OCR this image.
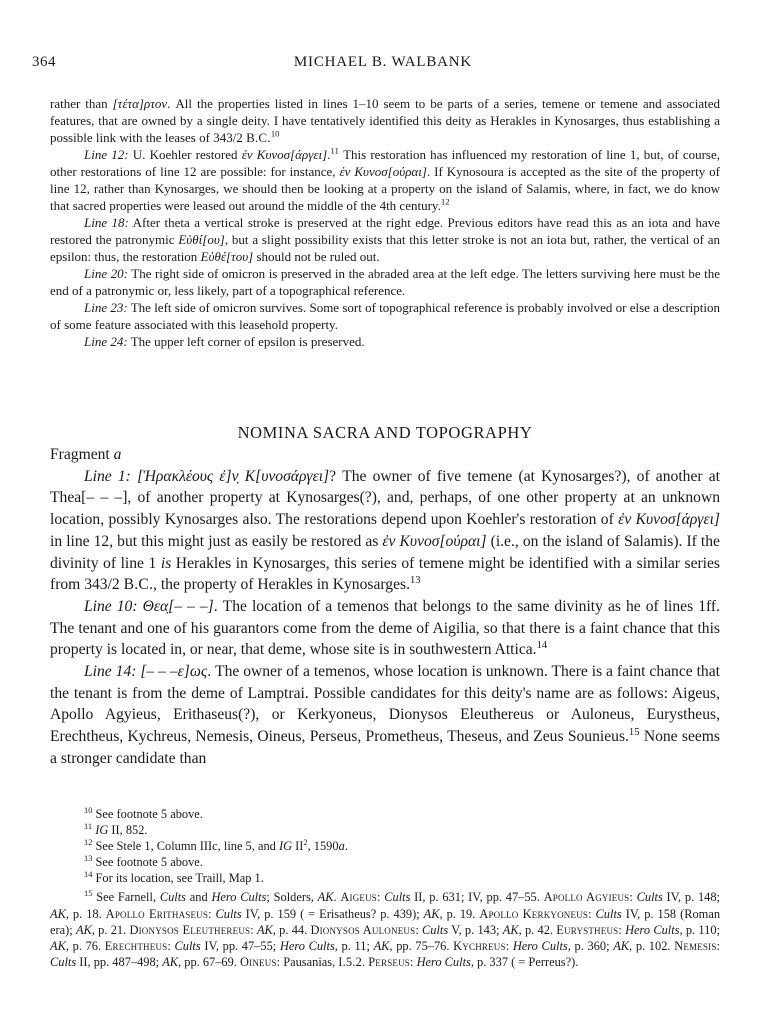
364	MICHAEL B. WALBANK

rather than [τέτα]ρτον. All the properties listed in lines 1–10 seem to be parts of a series, temene or temene and associated features, that are owned by a single deity. I have tentatively identified this deity as Herakles in Kynosarges, thus establishing a possible link with the leases of 343/2 B.C.$^{10}$

Line 12: U. Koehler restored ἐν Κυνοσ[άργει].$^{11}$ This restoration has influenced my restoration of line 1, but, of course, other restorations of line 12 are possible: for instance, ἐν Κυνοσ[ούραι]. If Kynosoura is accepted as the site of the property of line 12, rather than Kynosarges, we should then be looking at a property on the island of Salamis, where, in fact, we do know that sacred properties were leased out around the middle of the 4th century.$^{12}$

Line 18: After theta a vertical stroke is preserved at the right edge. Previous editors have read this as an iota and have restored the patronymic Εὐθί[ου], but a slight possibility exists that this letter stroke is not an iota but, rather, the vertical of an epsilon: thus, the restoration Εὐθέ[του] should not be ruled out.

Line 20: The right side of omicron is preserved in the abraded area at the left edge. The letters surviving here must be the end of a patronymic or, less likely, part of a topographical reference.

Line 23: The left side of omicron survives. Some sort of topographical reference is probably involved or else a description of some feature associated with this leasehold property.

Line 24: The upper left corner of epsilon is preserved.

NOMINA SACRA AND TOPOGRAPHY

Fragment a

Line 1: [Ἡρακλέους ἐ]ν̣ Κ[υνοσάργει]? The owner of five temene (at Kynosarges?), of another at Thea[– – –], of another property at Kynosarges(?), and, perhaps, of one other property at an unknown location, possibly Kynosarges also. The restorations depend upon Koehler's restoration of ἐν Κυνοσ[άργει] in line 12, but this might just as easily be restored as ἐν Κυνοσ[ούραι] (i.e., on the island of Salamis). If the divinity of line 1 is Herakles in Kynosarges, this series of temene might be identified with a similar series from 343/2 B.C., the property of Herakles in Kynosarges.$^{13}$

Line 10: Θεα̣[– – –]. The location of a temenos that belongs to the same divinity as he of lines 1ff. The tenant and one of his guarantors come from the deme of Aigilia, so that there is a faint chance that this property is located in, or near, that deme, whose site is in southwestern Attica.$^{14}$

Line 14: [– – –ε]ως. The owner of a temenos, whose location is unknown. There is a faint chance that the tenant is from the deme of Lamptrai. Possible candidates for this deity's name are as follows: Aigeus, Apollo Agyieus, Erithaseus(?), or Kerkyoneus, Dionysos Eleuthereus or Auloneus, Eurystheus, Erechtheus, Kychreus, Nemesis, Oineus, Perseus, Prometheus, Theseus, and Zeus Sounieus.$^{15}$ None seems a stronger candidate than

$^{10}$ See footnote 5 above.

$^{11}$ IG II, 852.

$^{12}$ See Stele 1, Column IIIc, line 5, and IG $II^2$, 1590a.

$^{13}$ See footnote 5 above.

$^{14}$ For its location, see Traill, Map 1.

$^{15}$ See Farnell, Cults and Hero Cults; Solders, AK. Aigeus: Cults II, p. 631; IV, pp. 47–55. Apollo Agyieus: Cults IV, p. 148; AK, p. 18. Apollo Erithaseus: Cults IV, p. 159 ( = Erisatheus? p. 439); AK, p. 19. Apollo Kerkyoneus: Cults IV, p. 158 (Roman era); AK, p. 21. Dionysos Eleuthereus: AK, p. 44. Dionysos Auloneus: Cults V, p. 143; AK, p. 42. Eurystheus: Hero Cults, p. 110; AK, p. 76. Erechtheus: Cults IV, pp. 47–55; Hero Cults, p. 11; AK, pp. 75–76. Kychreus: Hero Cults, p. 360; AK, p. 102. Nemesis: Cults II, pp. 487–498; AK, pp. 67–69. Oineus: Pausanias, I.5.2. Perseus: Hero Cults, p. 337 ( = Perreus?).
